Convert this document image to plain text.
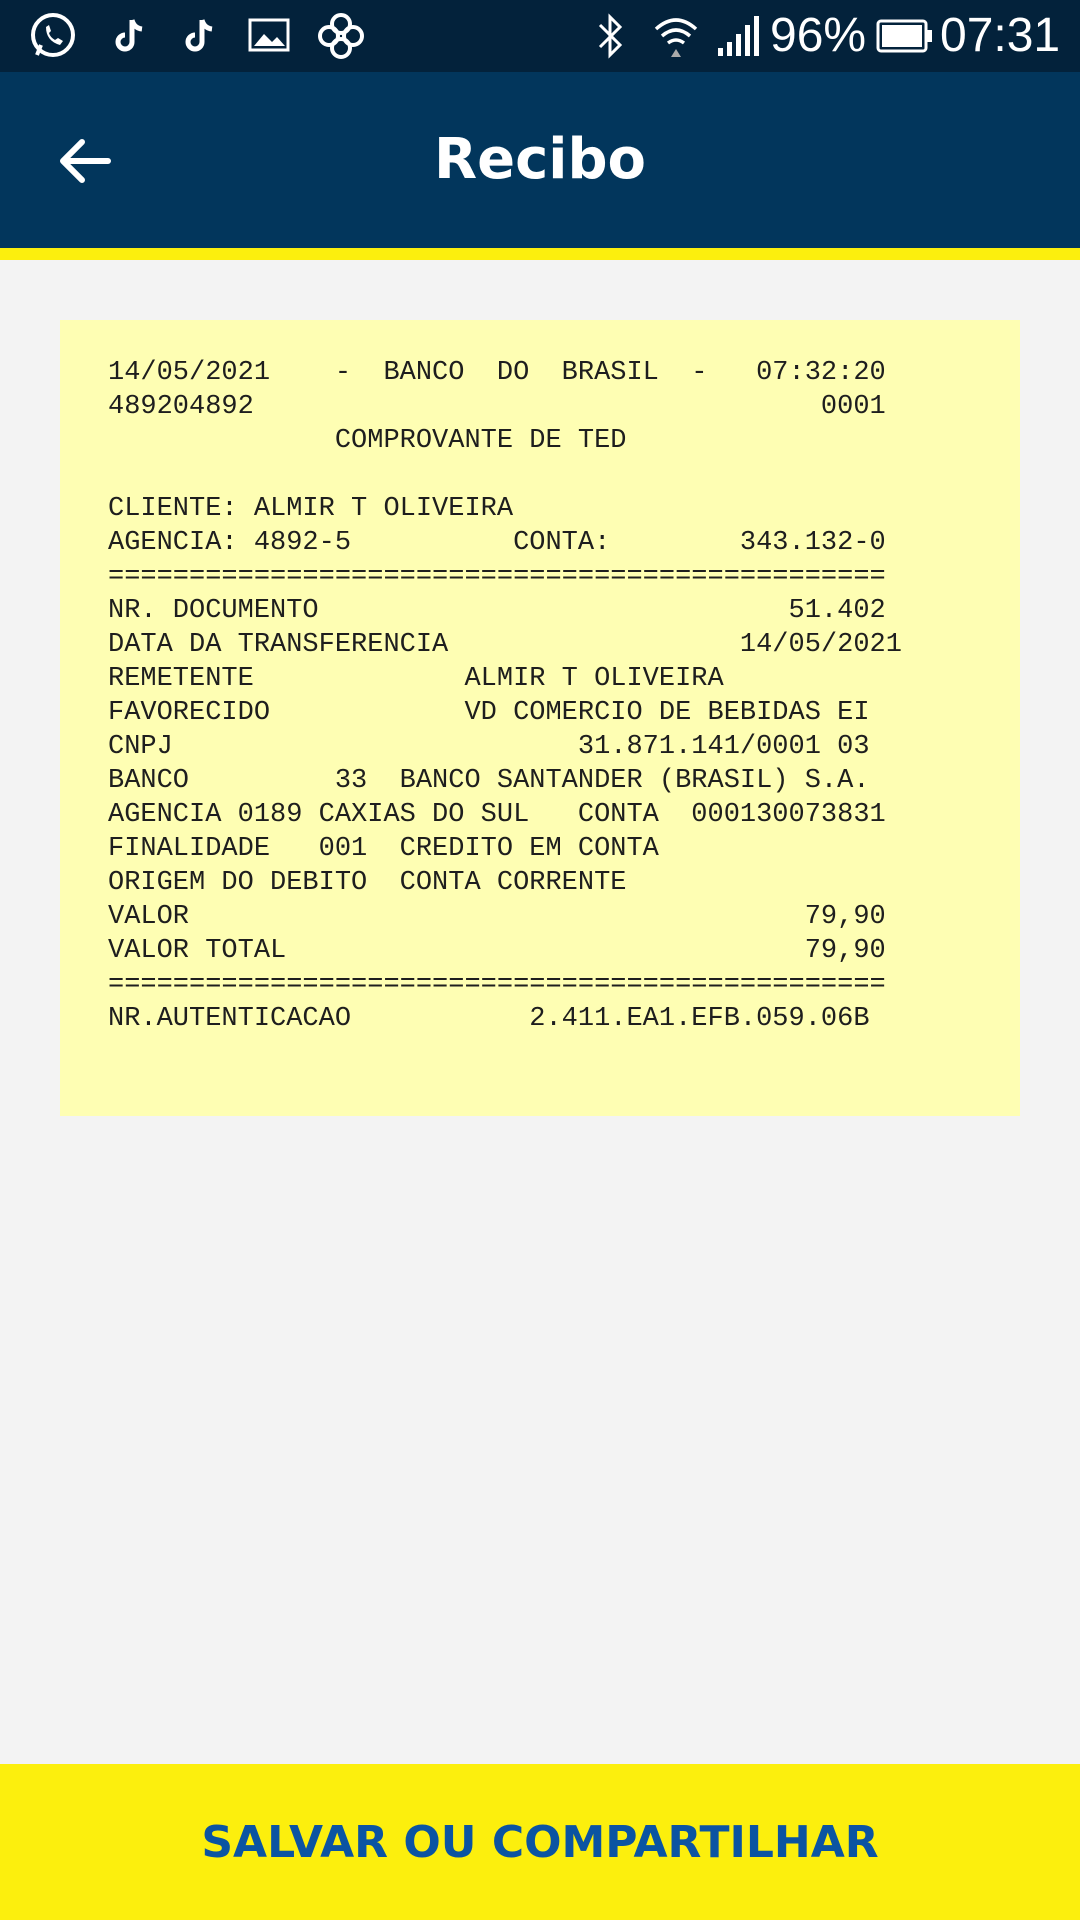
96% 07:31
Recibo
14/05/2021    -  BANCO  DO  BRASIL  -   07:32:20
489204892                                   0001
COMPROVANTE DE TED

CLIENTE: ALMIR T OLIVEIRA
AGENCIA: 4892-5          CONTA:        343.132-0
================================================
NR. DOCUMENTO                             51.402
DATA DA TRANSFERENCIA                  14/05/2021
REMETENTE             ALMIR T OLIVEIRA
FAVORECIDO            VD COMERCIO DE BEBIDAS EI
CNPJ                         31.871.141/0001 03
BANCO         33  BANCO SANTANDER (BRASIL) S.A.
AGENCIA 0189 CAXIAS DO SUL   CONTA  000130073831
FINALIDADE   001  CREDITO EM CONTA
ORIGEM DO DEBITO  CONTA CORRENTE
VALOR                                      79,90
VALOR TOTAL                                79,90
================================================
NR.AUTENTICACAO           2.411.EA1.EFB.059.06B
SALVAR OU COMPARTILHAR
